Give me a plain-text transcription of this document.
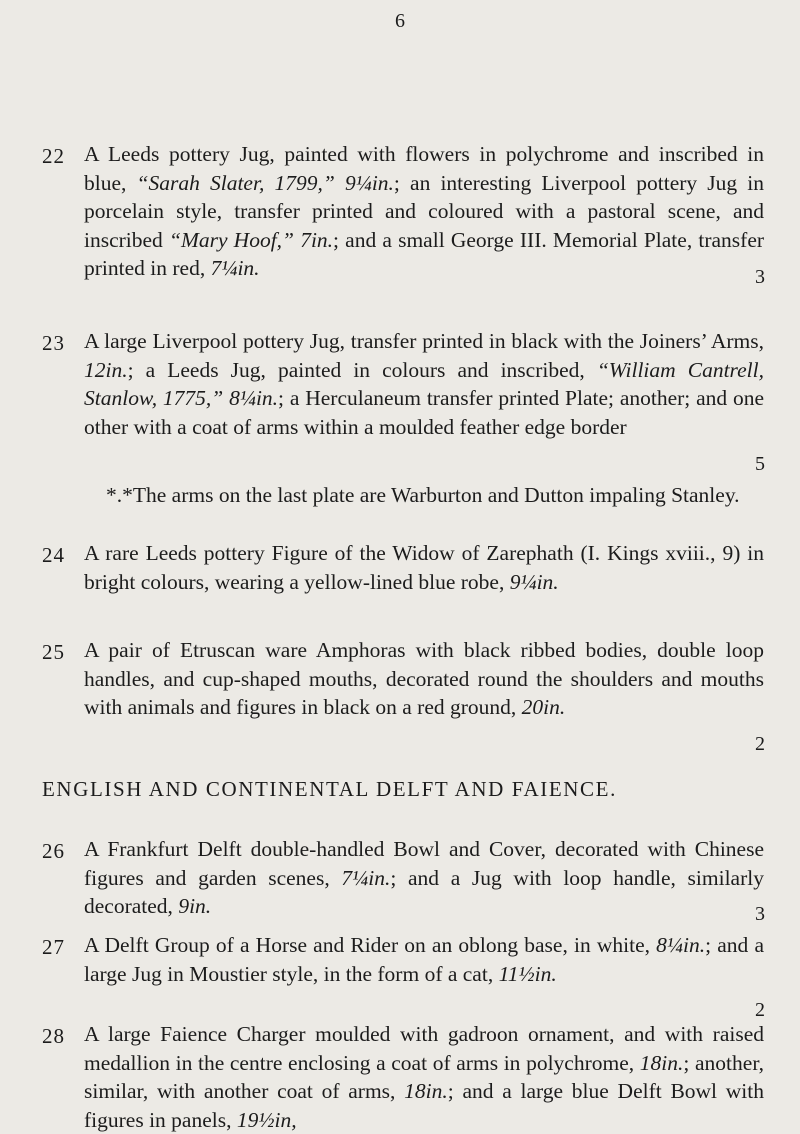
6
22 A Leeds pottery Jug, painted with flowers in polychrome and inscribed in blue, “Sarah Slater, 1799,” 9¼in.; an interesting Liverpool pottery Jug in porcelain style, transfer printed and coloured with a pastoral scene, and inscribed “Mary Hoof,” 7in.; and a small George III. Memorial Plate, transfer printed in red, 7¼in.	3
23 A large Liverpool pottery Jug, transfer printed in black with the Joiners’ Arms, 12in.; a Leeds Jug, painted in colours and inscribed, “William Cantrell, Stanlow, 1775,” 8¼in.; a Herculaneum transfer printed Plate; another; and one other with a coat of arms within a moulded feather edge border
5
*.*The arms on the last plate are Warburton and Dutton impaling Stanley.
24 A rare Leeds pottery Figure of the Widow of Zarephath (I. Kings xviii., 9) in bright colours, wearing a yellow-lined blue robe, 9¼in.
25 A pair of Etruscan ware Amphoras with black ribbed bodies, double loop handles, and cup-shaped mouths, decorated round the shoulders and mouths with animals and figures in black on a red ground, 20in.
2
ENGLISH AND CONTINENTAL DELFT AND FAIENCE.
26 A Frankfurt Delft double-handled Bowl and Cover, decorated with Chinese figures and garden scenes, 7¼in.; and a Jug with loop handle, similarly decorated, 9in.	3
27 A Delft Group of a Horse and Rider on an oblong base, in white, 8¼in.; and a large Jug in Moustier style, in the form of a cat, 11½in.
2
28 A large Faience Charger moulded with gadroon ornament, and with raised medallion in the centre enclosing a coat of arms in polychrome, 18in.; another, similar, with another coat of arms, 18in.; and a large blue Delft Bowl with figures in panels, 19½in,
